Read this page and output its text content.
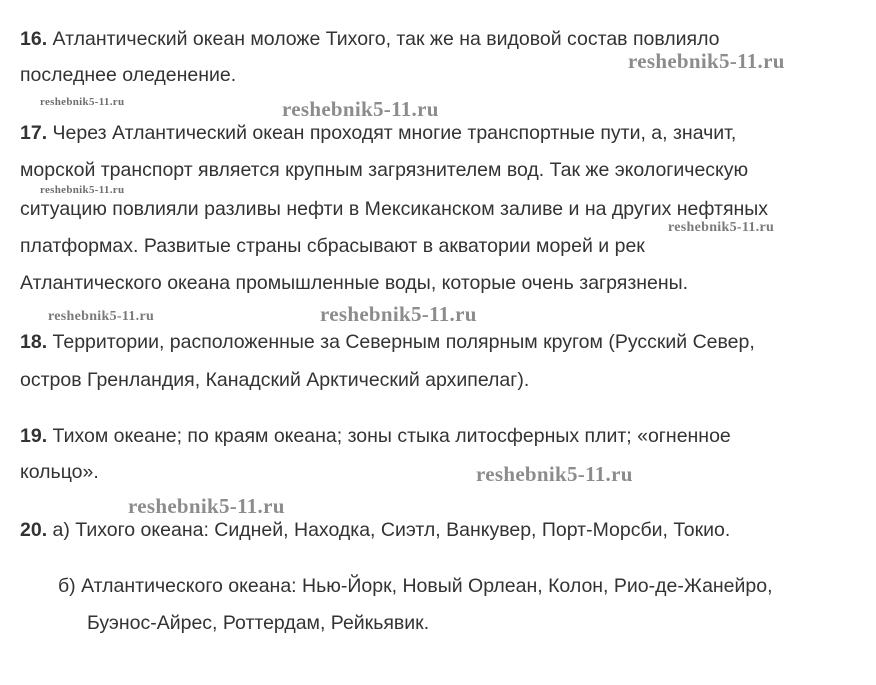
16. Атлантический океан моложе Тихого, так же на видовой состав повлияло
последнее оледенение.
17. Через Атлантический океан проходят многие транспортные пути, а, значит,
морской транспорт является крупным загрязнителем вод. Так же экологическую
ситуацию повлияли разливы нефти в Мексиканском заливе и на других нефтяных
платформах. Развитые страны сбрасывают в акватории морей и рек
Атлантического океана промышленные воды, которые очень загрязнены.
18. Территории, расположенные за Северным полярным кругом (Русский Север,
остров Гренландия, Канадский Арктический архипелаг).
19. Тихом океане; по краям океана; зоны стыка литосферных плит; «огненное
кольцо».
20. а) Тихого океана: Сидней, Находка, Сиэтл, Ванкувер, Порт-Морсби, Токио.
б) Атлантического океана: Нью-Йорк, Новый Орлеан, Колон, Рио-де-Жанейро,
Буэнос-Айрес, Роттердам, Рейкьявик.
reshebnik5-11.ru
reshebnik5-11.ru	reshebnik5-11.ru
reshebnik5-11.ru
reshebnik5-11.ru
reshebnik5-11.ru	reshebnik5-11.ru
reshebnik5-11.ru
reshebnik5-11.ru
